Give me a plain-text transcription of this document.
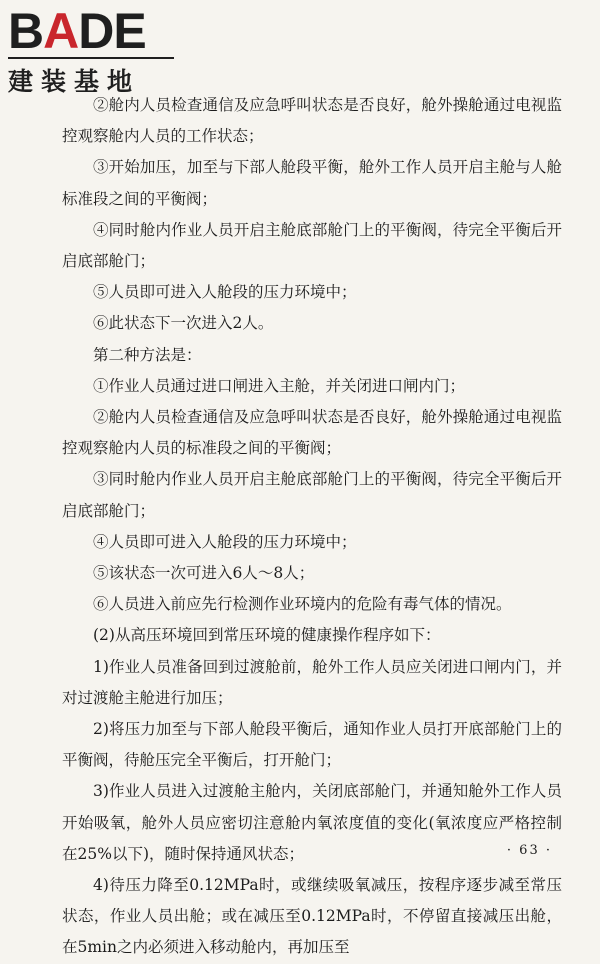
BADE
建装基地

②舱内人员检查通信及应急呼叫状态是否良好，舱外操舱通过电视监控观察舱内人员的工作状态；

③开始加压，加至与下部人舱段平衡，舱外工作人员开启主舱与人舱标准段之间的平衡阀；

④同时舱内作业人员开启主舱底部舱门上的平衡阀，待完全平衡后开启底部舱门；

⑤人员即可进入人舱段的压力环境中；

⑥此状态下一次进入2人。

第二种方法是：

①作业人员通过进口闸进入主舱，并关闭进口闸内门；

②舱内人员检查通信及应急呼叫状态是否良好，舱外操舱通过电视监控观察舱内人员的标准段之间的平衡阀；

③同时舱内作业人员开启主舱底部舱门上的平衡阀，待完全平衡后开启底部舱门；

④人员即可进入人舱段的压力环境中；

⑤该状态一次可进入6人～8人；

⑥人员进入前应先行检测作业环境内的危险有毒气体的情况。

(2)从高压环境回到常压环境的健康操作程序如下：

1)作业人员准备回到过渡舱前，舱外工作人员应关闭进口闸内门，并对过渡舱主舱进行加压；

2)将压力加至与下部人舱段平衡后，通知作业人员打开底部舱门上的平衡阀，待舱压完全平衡后，打开舱门；

3)作业人员进入过渡舱主舱内，关闭底部舱门，并通知舱外工作人员开始吸氧，舱外人员应密切注意舱内氧浓度值的变化(氧浓度应严格控制在25%以下)，随时保持通风状态；

4)待压力降至0.12MPa时，或继续吸氧减压，按程序逐步减至常压状态，作业人员出舱；或在减压至0.12MPa时，不停留直接减压出舱，在5min之内必须进入移动舱内，再加压至

· 63 ·
